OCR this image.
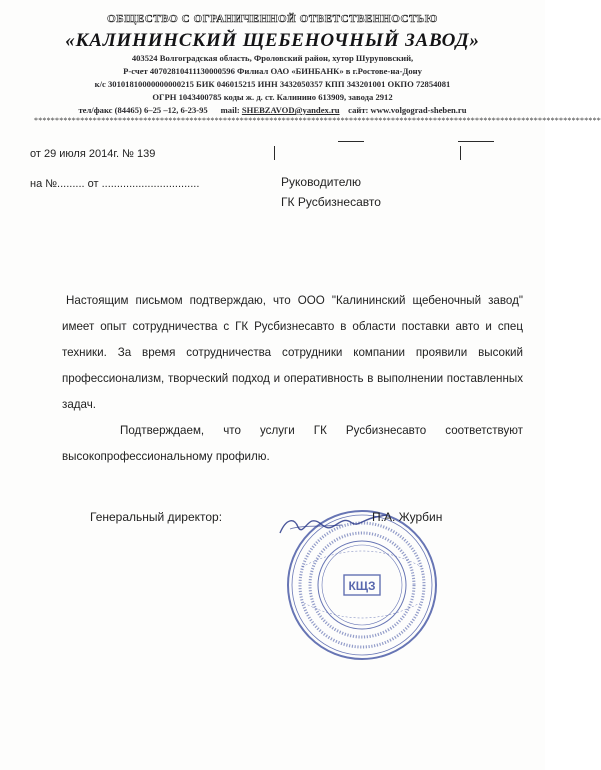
ОБЩЕСТВО С ОГРАНИЧЕННОЙ ОТВЕТСТВЕННОСТЬЮ
«КАЛИНИНСКИЙ ЩЕБЕНОЧНЫЙ ЗАВОД»
403524 Волгоградская область, Фроловский район, хутор Шуруповский,
Р-счет 40702810411130000596 Филиал ОАО «БИНБАНК» в г.Ростове-на-Дону
к/с 30101810000000000215 БИК 046015215 ИНН 3432050357 КПП 343201001 ОКПО 72854081
ОГРН 1043400785 коды ж. д. ст. Калинино 613909, завода 2912
тел/факс (84465) 6–25 –12, 6-23-95 mail: SHEBZAVOD@yandex.ru сайт: www.volgograd-sheben.ru
***************************************************************************************************************************************
от 29 июля 2014г. № 139
на №......... от ................................	Руководителю
ГК Русбизнесавто

Настоящим письмом подтверждаю, что ООО "Калининский щебеночный завод" имеет опыт сотрудничества с ГК Русбизнесавто в области поставки авто и спец техники. За время сотрудничества сотрудники компании проявили высокий профессионализм, творческий подход и оперативность в выполнении поставленных задач.

Подтверждаем, что услуги ГК Русбизнесавто соответствуют высокопрофессиональному профилю.

КЩЗ
Генеральный директор:	П.А. Журбин
